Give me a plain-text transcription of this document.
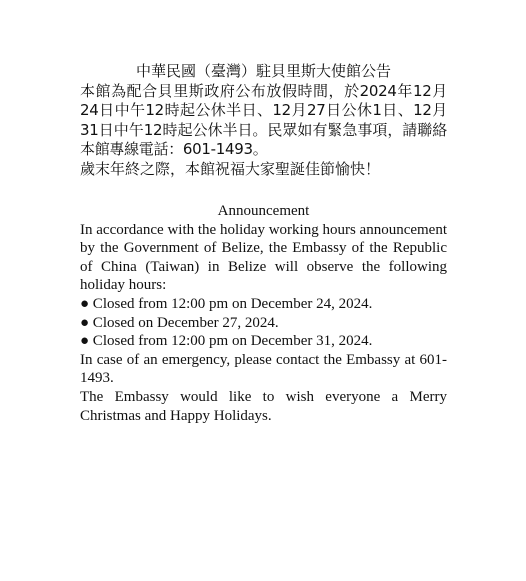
中華民國（臺灣）駐貝里斯大使館公告

本館為配合貝里斯政府公布放假時間，於2024年12月24日中午12時起公休半日、12月27日公休1日、12月31日中午12時起公休半日。民眾如有緊急事項，請聯絡本館專線電話：601-1493。

歲末年終之際，本館祝福大家聖誕佳節愉快！

Announcement

In accordance with the holiday working hours announcement by the Government of Belize, the Embassy of the Republic of China (Taiwan) in Belize will observe the following holiday hours:

● Closed from 12:00 pm on December 24, 2024.
● Closed on December 27, 2024.
● Closed from 12:00 pm on December 31, 2024.

In case of an emergency, please contact the Embassy at 601-1493.

The Embassy would like to wish everyone a Merry Christmas and Happy Holidays.
